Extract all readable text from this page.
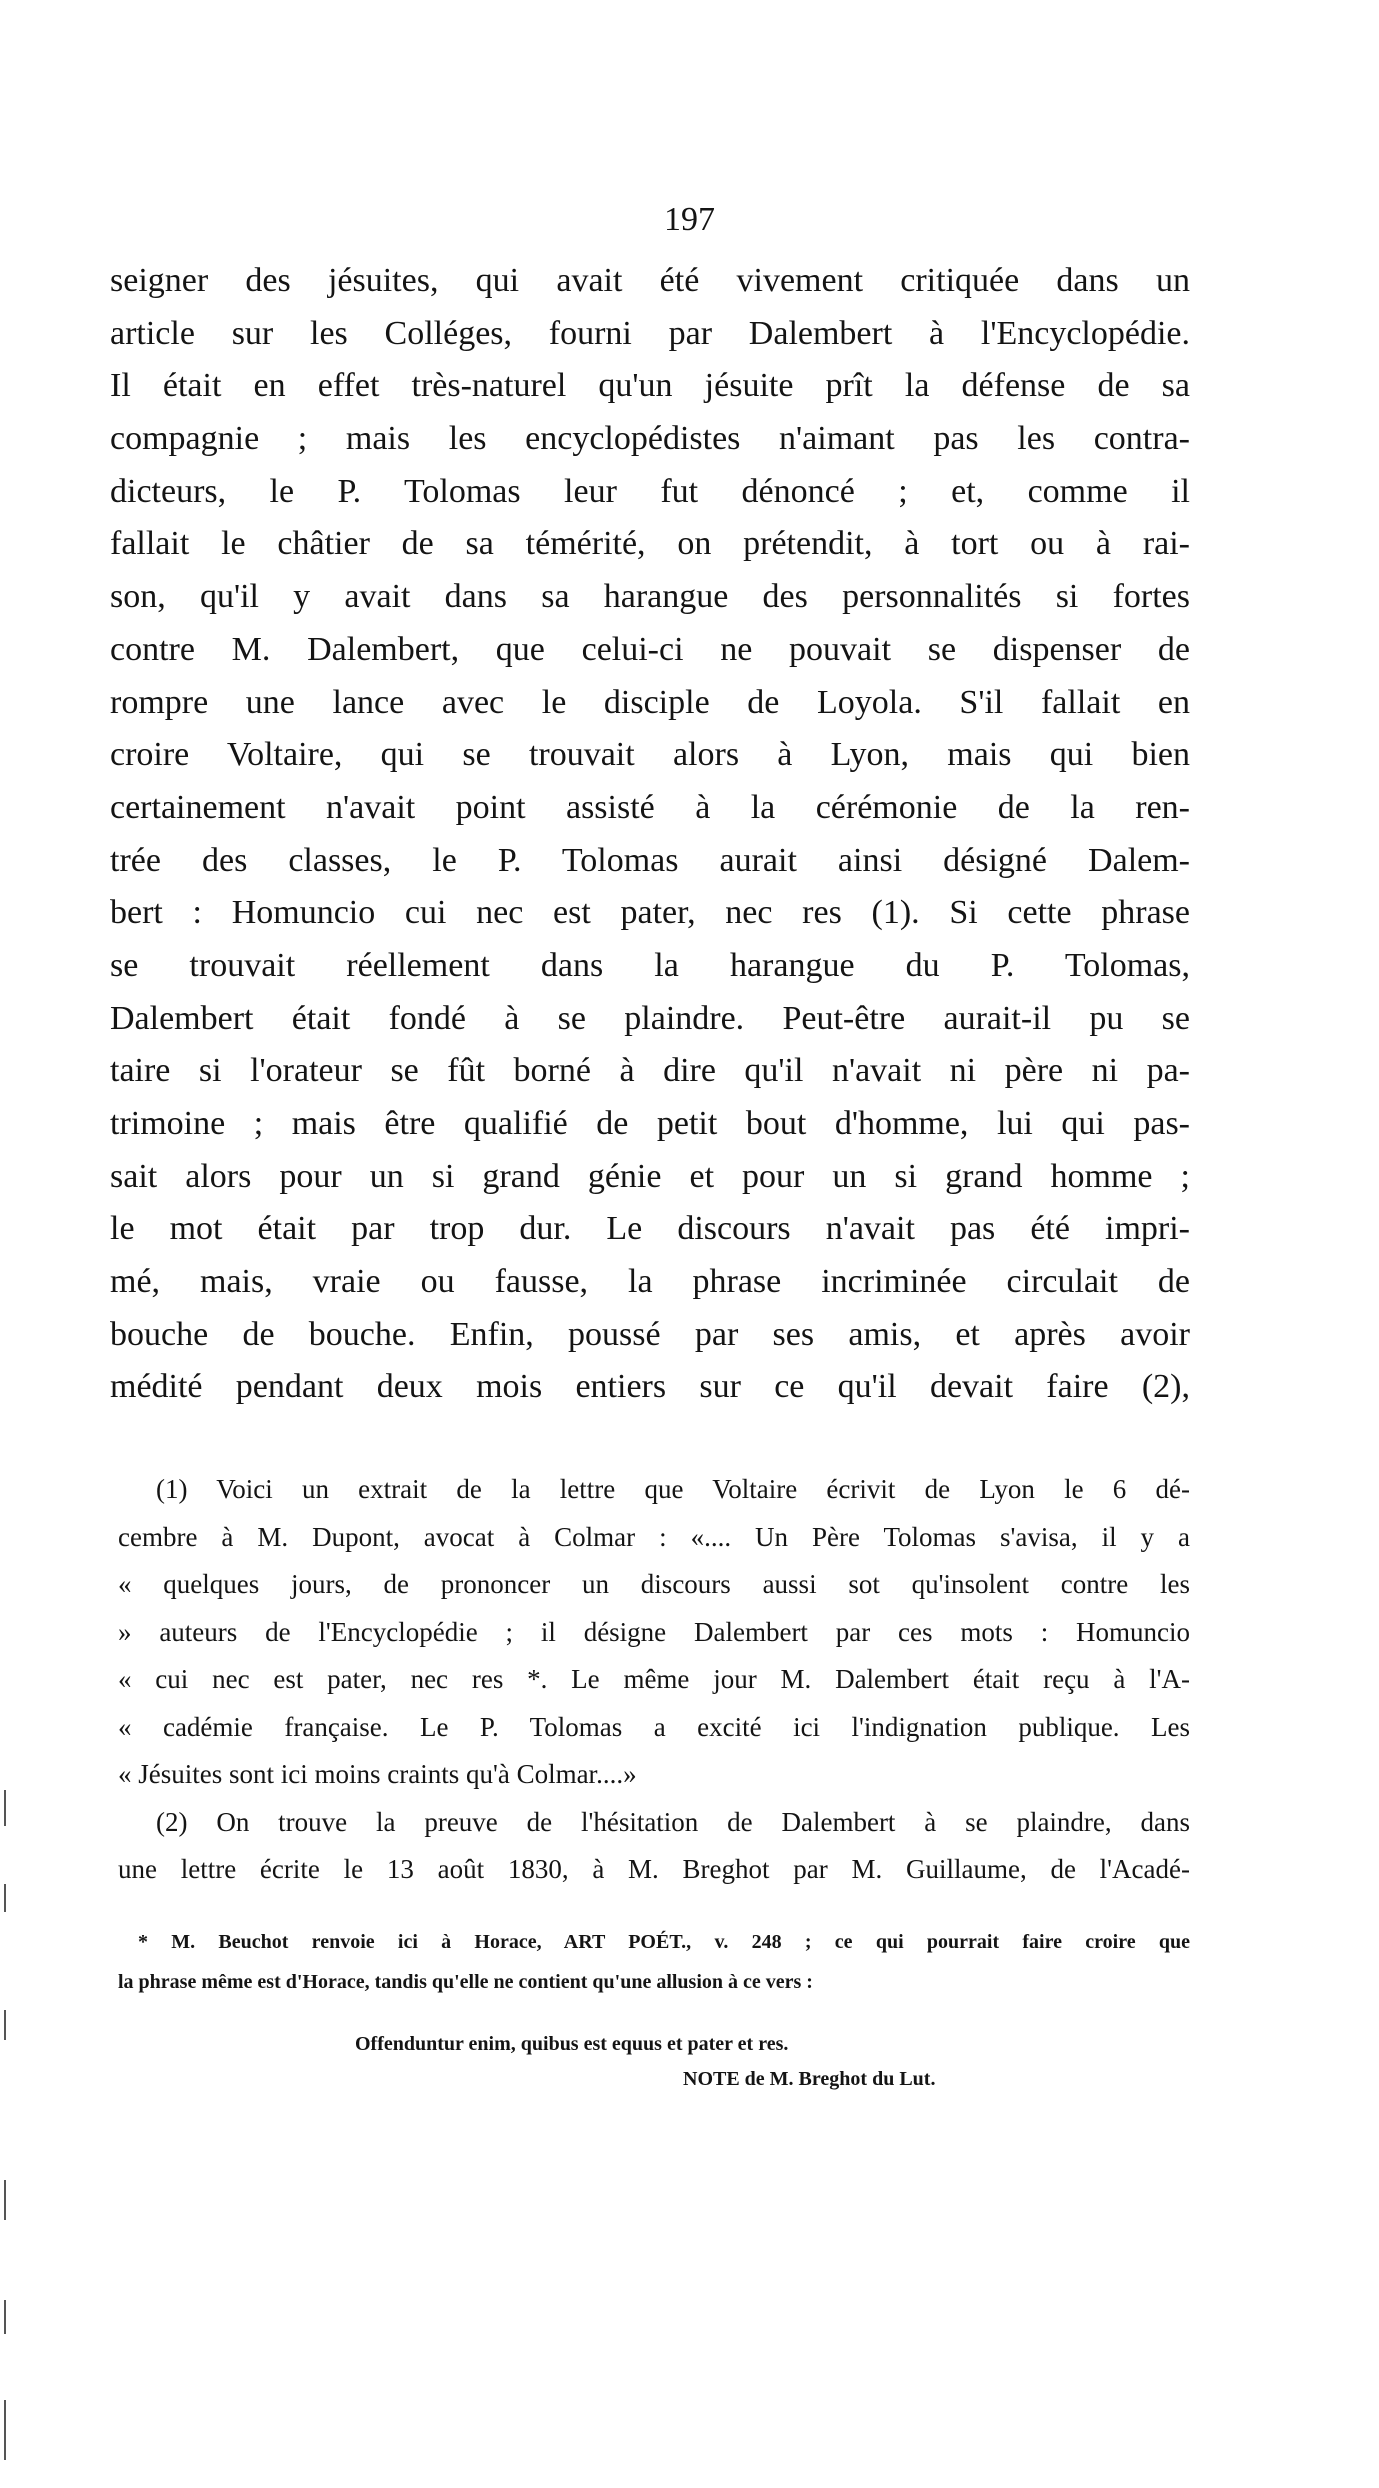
197
seigner des jésuites, qui avait été vivement critiquée dans un
article sur les Colléges, fourni par Dalembert à l'Encyclopédie.
Il était en effet très-naturel qu'un jésuite prît la défense de sa
compagnie ; mais les encyclopédistes n'aimant pas les contra-
dicteurs, le P. Tolomas leur fut dénoncé ; et, comme il
fallait le châtier de sa témérité, on prétendit, à tort ou à rai-
son, qu'il y avait dans sa harangue des personnalités si fortes
contre M. Dalembert, que celui-ci ne pouvait se dispenser de
rompre une lance avec le disciple de Loyola. S'il fallait en
croire Voltaire, qui se trouvait alors à Lyon, mais qui bien
certainement n'avait point assisté à la cérémonie de la ren-
trée des classes, le P. Tolomas aurait ainsi désigné Dalem-
bert : Homuncio cui nec est pater, nec res (1). Si cette phrase
se trouvait réellement dans la harangue du P. Tolomas,
Dalembert était fondé à se plaindre. Peut-être aurait-il pu se
taire si l'orateur se fût borné à dire qu'il n'avait ni père ni pa-
trimoine ; mais être qualifié de petit bout d'homme, lui qui pas-
sait alors pour un si grand génie et pour un si grand homme ;
le mot était par trop dur. Le discours n'avait pas été impri-
mé, mais, vraie ou fausse, la phrase incriminée circulait de
bouche de bouche. Enfin, poussé par ses amis, et après avoir
médité pendant deux mois entiers sur ce qu'il devait faire (2),
(1) Voici un extrait de la lettre que Voltaire écrivit de Lyon le 6 dé-
cembre à M. Dupont, avocat à Colmar : «.... Un Père Tolomas s'avisa, il y a
« quelques jours, de prononcer un discours aussi sot qu'insolent contre les
» auteurs de l'Encyclopédie ; il désigne Dalembert par ces mots : Homuncio
« cui nec est pater, nec res *. Le même jour M. Dalembert était reçu à l'A-
« cadémie française. Le P. Tolomas a excité ici l'indignation publique. Les
« Jésuites sont ici moins craints qu'à Colmar....»
(2) On trouve la preuve de l'hésitation de Dalembert à se plaindre, dans
une lettre écrite le 13 août 1830, à M. Breghot par M. Guillaume, de l'Acadé-
* M. Beuchot renvoie ici à Horace, ART POÉT., v. 248 ; ce qui pourrait faire croire que
la phrase même est d'Horace, tandis qu'elle ne contient qu'une allusion à ce vers :
Offenduntur enim, quibus est equus et pater et res.
NOTE de M. Breghot du Lut.
